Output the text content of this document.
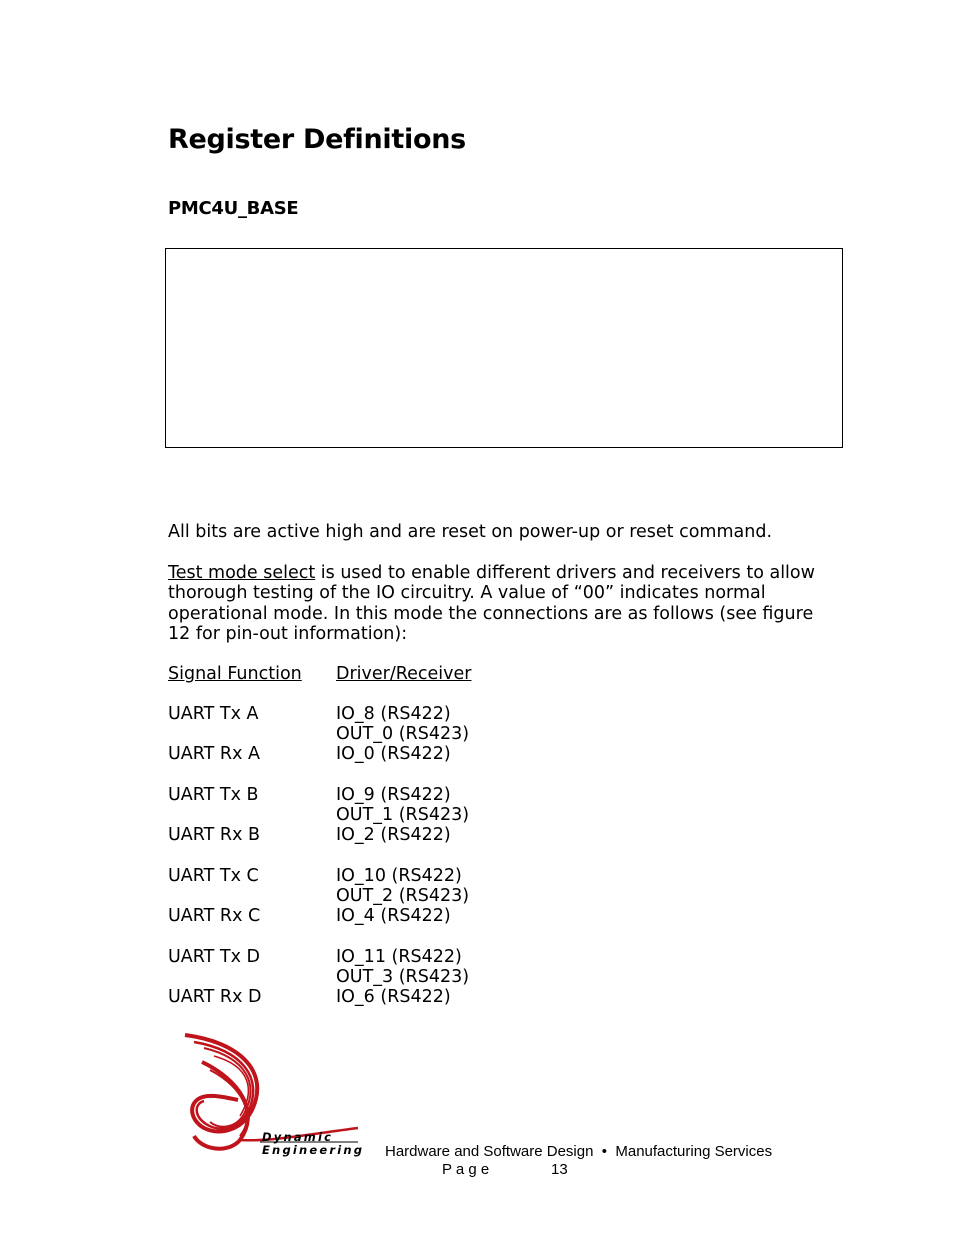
Register Definitions
PMC4U_BASE
All bits are active high and are reset on power-up or reset command.
Test mode select is used to enable different drivers and receivers to allow
thorough testing of the IO circuitry. A value of “00” indicates normal
operational mode. In this mode the connections are as follows (see figure
12 for pin-out information):
Signal Function Driver/Receiver
UART Tx A	IO_8 (RS422)
OUT_0 (RS423)
UART Rx A	IO_0 (RS422)
UART Tx B	IO_9 (RS422)
OUT_1 (RS423)
UART Rx B	IO_2 (RS422)
UART Tx C	IO_10 (RS422)
OUT_2 (RS423)
UART Rx C	IO_4 (RS422)
UART Tx D	IO_11 (RS422)
OUT_3 (RS423)
UART Rx D	IO_6 (RS422)
Dynamic
Engineering Hardware and Software Design  •  Manufacturing Services
P a g e	13
